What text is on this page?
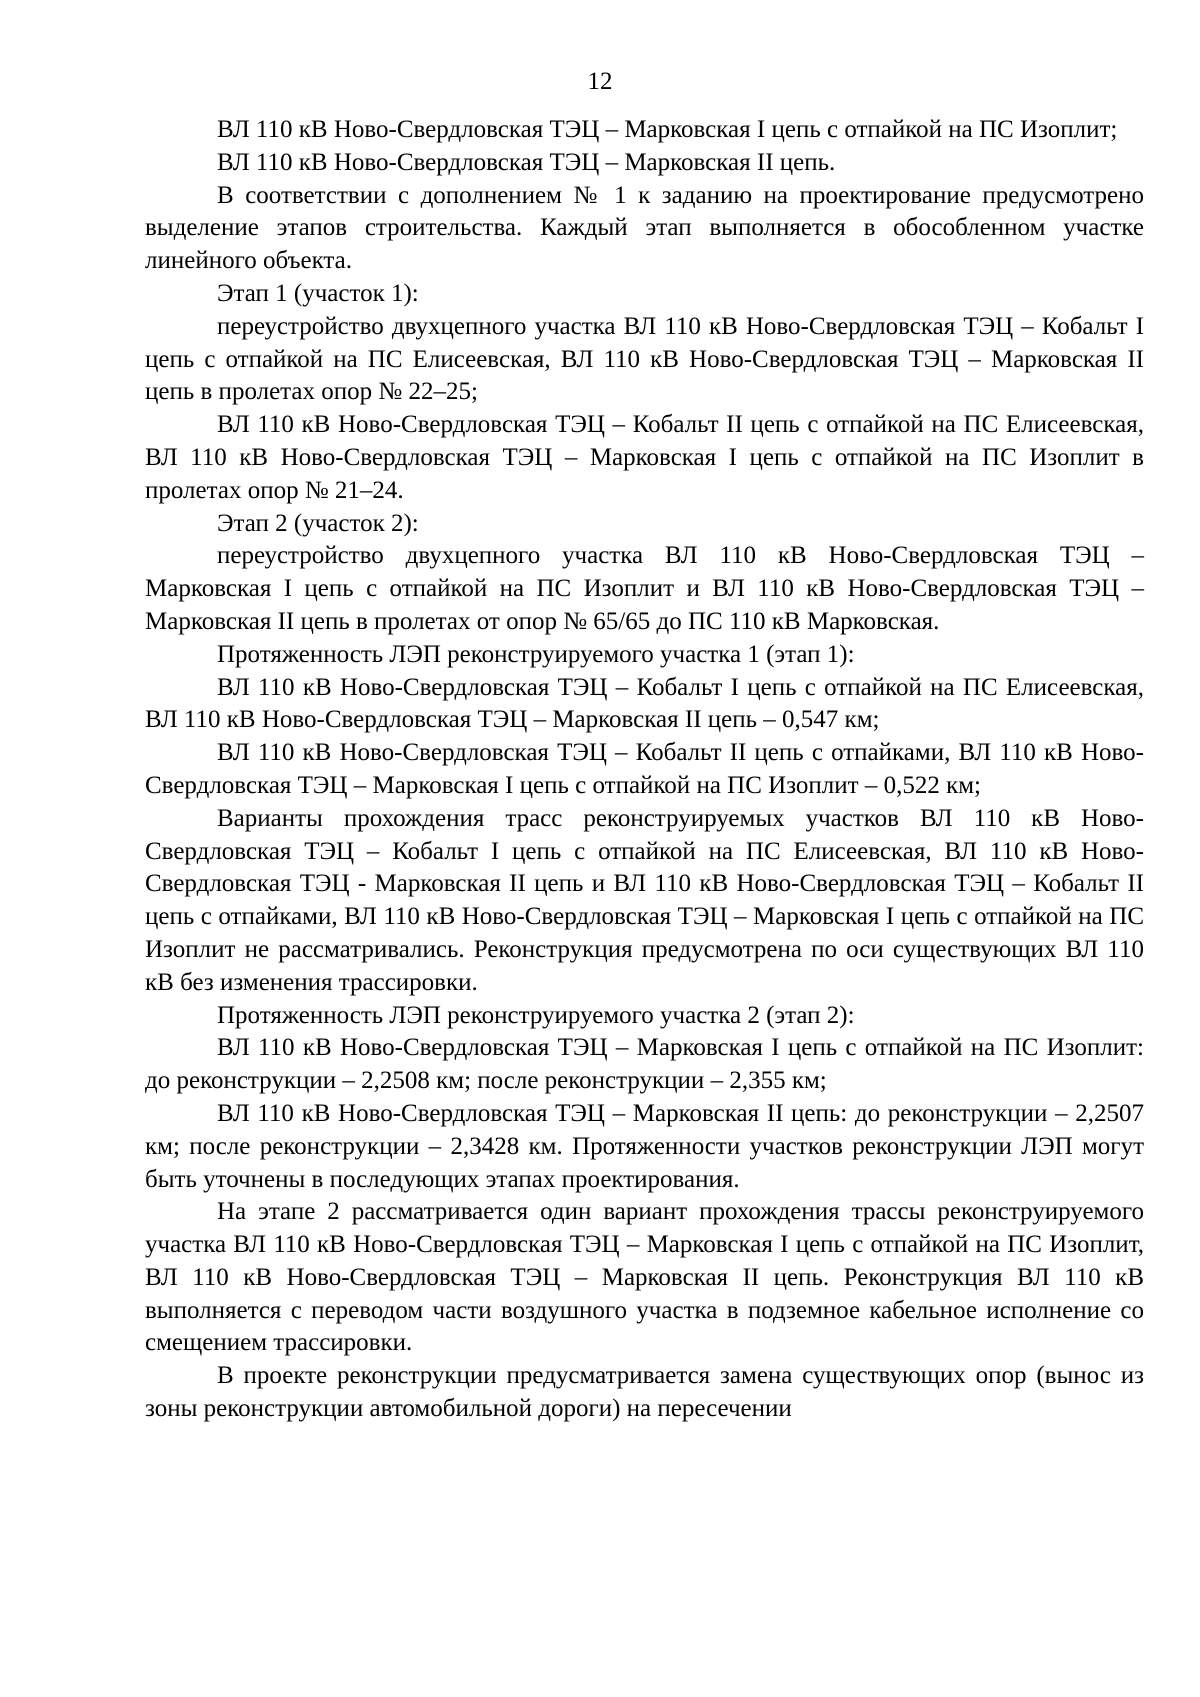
12

ВЛ 110 кВ Ново-Свердловская ТЭЦ – Марковская I цепь с отпайкой на ПС Изоплит;

ВЛ 110 кВ Ново-Свердловская ТЭЦ – Марковская II цепь.

В соответствии с дополнением № 1 к заданию на проектирование предусмотрено выделение этапов строительства. Каждый этап выполняется в обособленном участке линейного объекта.

Этап 1 (участок 1):

переустройство двухцепного участка ВЛ 110 кВ Ново-Свердловская ТЭЦ – Кобальт I цепь с отпайкой на ПС Елисеевская, ВЛ 110 кВ Ново-Свердловская ТЭЦ – Марковская II цепь в пролетах опор № 22–25;

ВЛ 110 кВ Ново-Свердловская ТЭЦ – Кобальт II цепь с отпайкой на ПС Елисеевская, ВЛ 110 кВ Ново-Свердловская ТЭЦ – Марковская I цепь с отпайкой на ПС Изоплит в пролетах опор № 21–24.

Этап 2 (участок 2):

переустройство двухцепного участка ВЛ 110 кВ Ново-Свердловская ТЭЦ – Марковская I цепь с отпайкой на ПС Изоплит и ВЛ 110 кВ Ново-Свердловская ТЭЦ – Марковская II цепь в пролетах от опор № 65/65 до ПС 110 кВ Марковская.

Протяженность ЛЭП реконструируемого участка 1 (этап 1):

ВЛ 110 кВ Ново-Свердловская ТЭЦ – Кобальт I цепь с отпайкой на ПС Елисеевская, ВЛ 110 кВ Ново-Свердловская ТЭЦ – Марковская II цепь – 0,547 км;

ВЛ 110 кВ Ново-Свердловская ТЭЦ – Кобальт II цепь с отпайками, ВЛ 110 кВ Ново-Свердловская ТЭЦ – Марковская I цепь с отпайкой на ПС Изоплит – 0,522 км;

Варианты прохождения трасс реконструируемых участков ВЛ 110 кВ Ново-Свердловская ТЭЦ – Кобальт I цепь с отпайкой на ПС Елисеевская, ВЛ 110 кВ Ново-Свердловская ТЭЦ - Марковская II цепь и ВЛ 110 кВ Ново-Свердловская ТЭЦ – Кобальт II цепь с отпайками, ВЛ 110 кВ Ново-Свердловская ТЭЦ – Марковская I цепь с отпайкой на ПС Изоплит не рассматривались. Реконструкция предусмотрена по оси существующих ВЛ 110 кВ без изменения трассировки.

Протяженность ЛЭП реконструируемого участка 2 (этап 2):

ВЛ 110 кВ Ново-Свердловская ТЭЦ – Марковская I цепь с отпайкой на ПС Изоплит: до реконструкции – 2,2508 км; после реконструкции – 2,355 км;

ВЛ 110 кВ Ново-Свердловская ТЭЦ – Марковская II цепь: до реконструкции – 2,2507 км; после реконструкции – 2,3428 км. Протяженности участков реконструкции ЛЭП могут быть уточнены в последующих этапах проектирования.

На этапе 2 рассматривается один вариант прохождения трассы реконструируемого участка ВЛ 110 кВ Ново-Свердловская ТЭЦ – Марковская I цепь с отпайкой на ПС Изоплит, ВЛ 110 кВ Ново-Свердловская ТЭЦ – Марковская II цепь. Реконструкция ВЛ 110 кВ выполняется с переводом части воздушного участка в подземное кабельное исполнение со смещением трассировки.

В проекте реконструкции предусматривается замена существующих опор (вынос из зоны реконструкции автомобильной дороги) на пересечении
